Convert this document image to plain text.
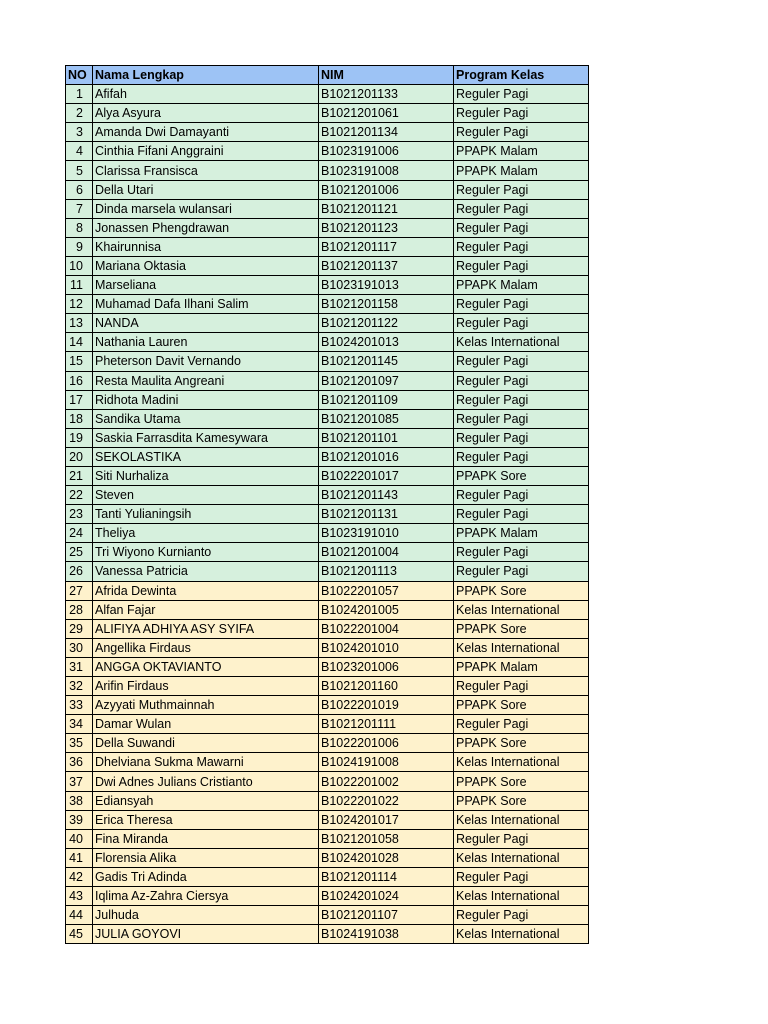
NO	Nama Lengkap	NIM	Program Kelas
1	Afifah	B1021201133	Reguler Pagi
2	Alya Asyura	B1021201061	Reguler Pagi
3	Amanda Dwi Damayanti	B1021201134	Reguler Pagi
4	Cinthia Fifani Anggraini	B1023191006	PPAPK Malam
5	Clarissa Fransisca	B1023191008	PPAPK Malam
6	Della Utari	B1021201006	Reguler Pagi
7	Dinda marsela wulansari	B1021201121	Reguler Pagi
8	Jonassen Phengdrawan	B1021201123	Reguler Pagi
9	Khairunnisa	B1021201117	Reguler Pagi
10	Mariana Oktasia	B1021201137	Reguler Pagi
11	Marseliana	B1023191013	PPAPK Malam
12	Muhamad Dafa Ilhani Salim	B1021201158	Reguler Pagi
13	NANDA	B1021201122	Reguler Pagi
14	Nathania Lauren	B1024201013	Kelas International
15	Pheterson Davit Vernando	B1021201145	Reguler Pagi
16	Resta Maulita Angreani	B1021201097	Reguler Pagi
17	Ridhota Madini	B1021201109	Reguler Pagi
18	Sandika Utama	B1021201085	Reguler Pagi
19	Saskia Farrasdita Kamesywara	B1021201101	Reguler Pagi
20	SEKOLASTIKA	B1021201016	Reguler Pagi
21	Siti Nurhaliza	B1022201017	PPAPK Sore
22	Steven	B1021201143	Reguler Pagi
23	Tanti Yulianingsih	B1021201131	Reguler Pagi
24	Theliya	B1023191010	PPAPK Malam
25	Tri Wiyono Kurnianto	B1021201004	Reguler Pagi
26	Vanessa Patricia	B1021201113	Reguler Pagi
27	Afrida Dewinta	B1022201057	PPAPK Sore
28	Alfan Fajar	B1024201005	Kelas International
29	ALIFIYA ADHIYA ASY SYIFA	B1022201004	PPAPK Sore
30	Angellika Firdaus	B1024201010	Kelas International
31	ANGGA OKTAVIANTO	B1023201006	PPAPK Malam
32	Arifin Firdaus	B1021201160	Reguler Pagi
33	Azyyati Muthmainnah	B1022201019	PPAPK Sore
34	Damar Wulan	B1021201111	Reguler Pagi
35	Della Suwandi	B1022201006	PPAPK Sore
36	Dhelviana Sukma Mawarni	B1024191008	Kelas International
37	Dwi Adnes Julians Cristianto	B1022201002	PPAPK Sore
38	Ediansyah	B1022201022	PPAPK Sore
39	Erica Theresa	B1024201017	Kelas International
40	Fina Miranda	B1021201058	Reguler Pagi
41	Florensia Alika	B1024201028	Kelas International
42	Gadis Tri Adinda	B1021201114	Reguler Pagi
43	Iqlima Az-Zahra Ciersya	B1024201024	Kelas International
44	Julhuda	B1021201107	Reguler Pagi
45	JULIA GOYOVI	B1024191038	Kelas International
